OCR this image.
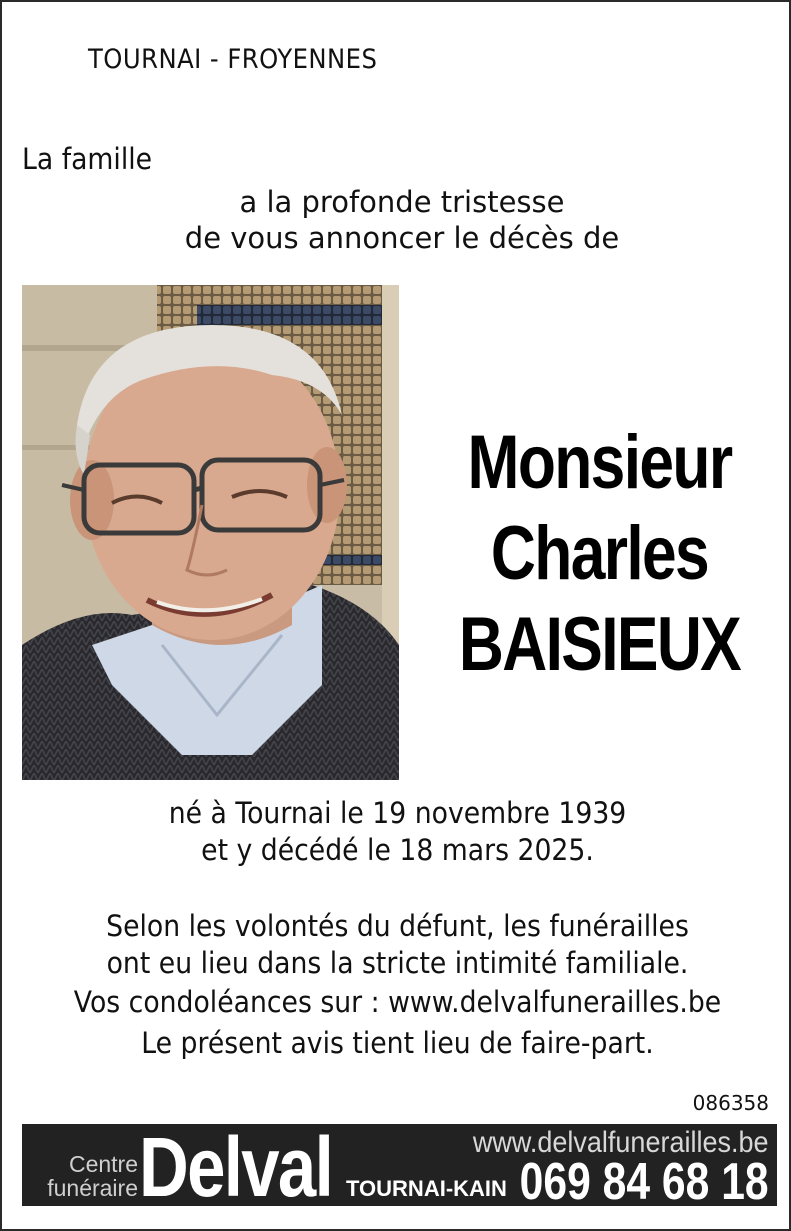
TOURNAI - FROYENNES
La famille
a la profonde tristesse
de vous annoncer le décès de
Monsieur
Charles
BAISIEUX
né à Tournai le 19 novembre 1939
et y décédé le 18 mars 2025.
Selon les volontés du défunt, les funérailles
ont eu lieu dans la stricte intimité familiale.
Vos condoléances sur : www.delvalfunerailles.be
Le présent avis tient lieu de faire-part.
086358
Centre
funéraire Delval TOURNAI-KAIN
www.delvalfunerailles.be
069 84 68 18
